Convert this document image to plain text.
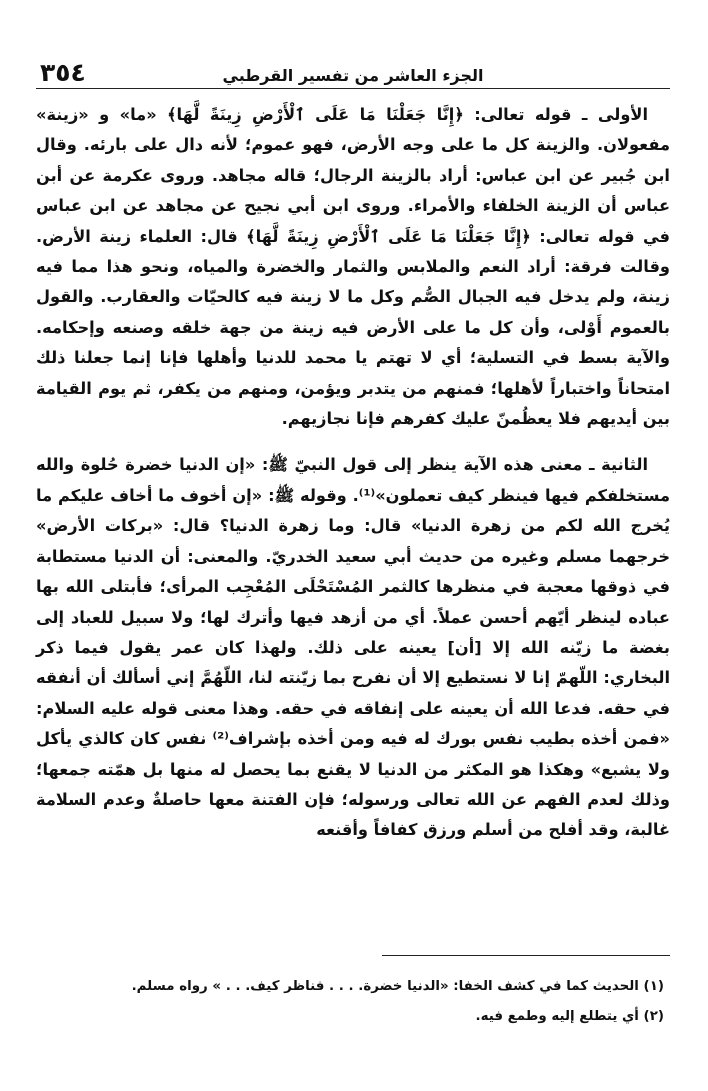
٣٥٤	الجزء العاشر من تفسير القرطبي

الأولى ـ قوله تعالى: ﴿إِنَّا جَعَلْنَا مَا عَلَى ٱلْأَرْضِ زِينَةً لَّهَا﴾ «ما» و «زينة» مفعولان. والزينة كل ما على وجه الأرض، فهو عموم؛ لأنه دال على بارئه. وقال ابن جُبير عن ابن عباس: أراد بالزينة الرجال؛ قاله مجاهد. وروى عكرمة عن أبن عباس أن الزينة الخلفاء والأمراء. وروى ابن أبي نجيح عن مجاهد عن ابن عباس في قوله تعالى: ﴿إِنَّا جَعَلْنَا مَا عَلَى ٱلْأَرْضِ زِينَةً لَّهَا﴾ قال: العلماء زينة الأرض. وقالت فرقة: أراد النعم والملابس والثمار والخضرة والمياه، ونحو هذا مما فيه زينة، ولم يدخل فيه الجبال الصُّم وكل ما لا زينة فيه كالحيّات والعقارب. والقول بالعموم أَوْلى، وأن كل ما على الأرض فيه زينة من جهة خلقه وصنعه وإحكامه. والآية بسط في التسلية؛ أي لا تهتم يا محمد للدنيا وأهلها فإنا إنما جعلنا ذلك امتحاناً واختباراً لأهلها؛ فمنهم من يتدبر ويؤمن، ومنهم من يكفر، ثم يوم القيامة بين أيديهم فلا يعظُمنّ عليك كفرهم فإنا نجازيهم.

الثانية ـ معنى هذه الآية ينظر إلى قول النبيّ ﷺ: «إن الدنيا خضرة حُلوة والله مستخلفكم فيها فينظر كيف تعملون»⁽¹⁾. وقوله ﷺ: «إن أخوف ما أخاف عليكم ما يُخرج الله لكم من زهرة الدنيا» قال: وما زهرة الدنيا؟ قال: «بركات الأرض» خرجهما مسلم وغيره من حديث أبي سعيد الخدريّ. والمعنى: أن الدنيا مستطابة في ذوقها معجبة في منظرها كالثمر المُسْتَحْلَى المُعْجِب المرأى؛ فأبتلى الله بها عباده لينظر أيّهم أحسن عملاً. أي من أزهد فيها وأترك لها؛ ولا سبيل للعباد إلى بغضة ما زيّنه الله إلا [أن] يعينه على ذلك. ولهذا كان عمر يقول فيما ذكر البخاري: اللّهمّ إنا لا نستطيع إلا أن نفرح بما زيّنته لنا، اللّهُمَّ إني أسألك أن أنفقه في حقه. فدعا الله أن يعينه على إنفاقه في حقه. وهذا معنى قوله عليه السلام: «فمن أخذه بطيب نفس بورك له فيه ومن أخذه بإشراف⁽²⁾ نفس كان كالذي يأكل ولا يشبع» وهكذا هو المكثر من الدنيا لا يقنع بما يحصل له منها بل همّته جمعها؛ وذلك لعدم الفهم عن الله تعالى ورسوله؛ فإن الفتنة معها حاصلةٌ وعدم السلامة غالبة، وقد أفلح من أسلم ورزق كفافاً وأقنعه

(١) الحديث كما في كشف الخفا: «الدنيا خضرة. . . . فناظر كيف. . . » رواه مسلم.

(٢) أي يتطلع إليه وطمع فيه.
